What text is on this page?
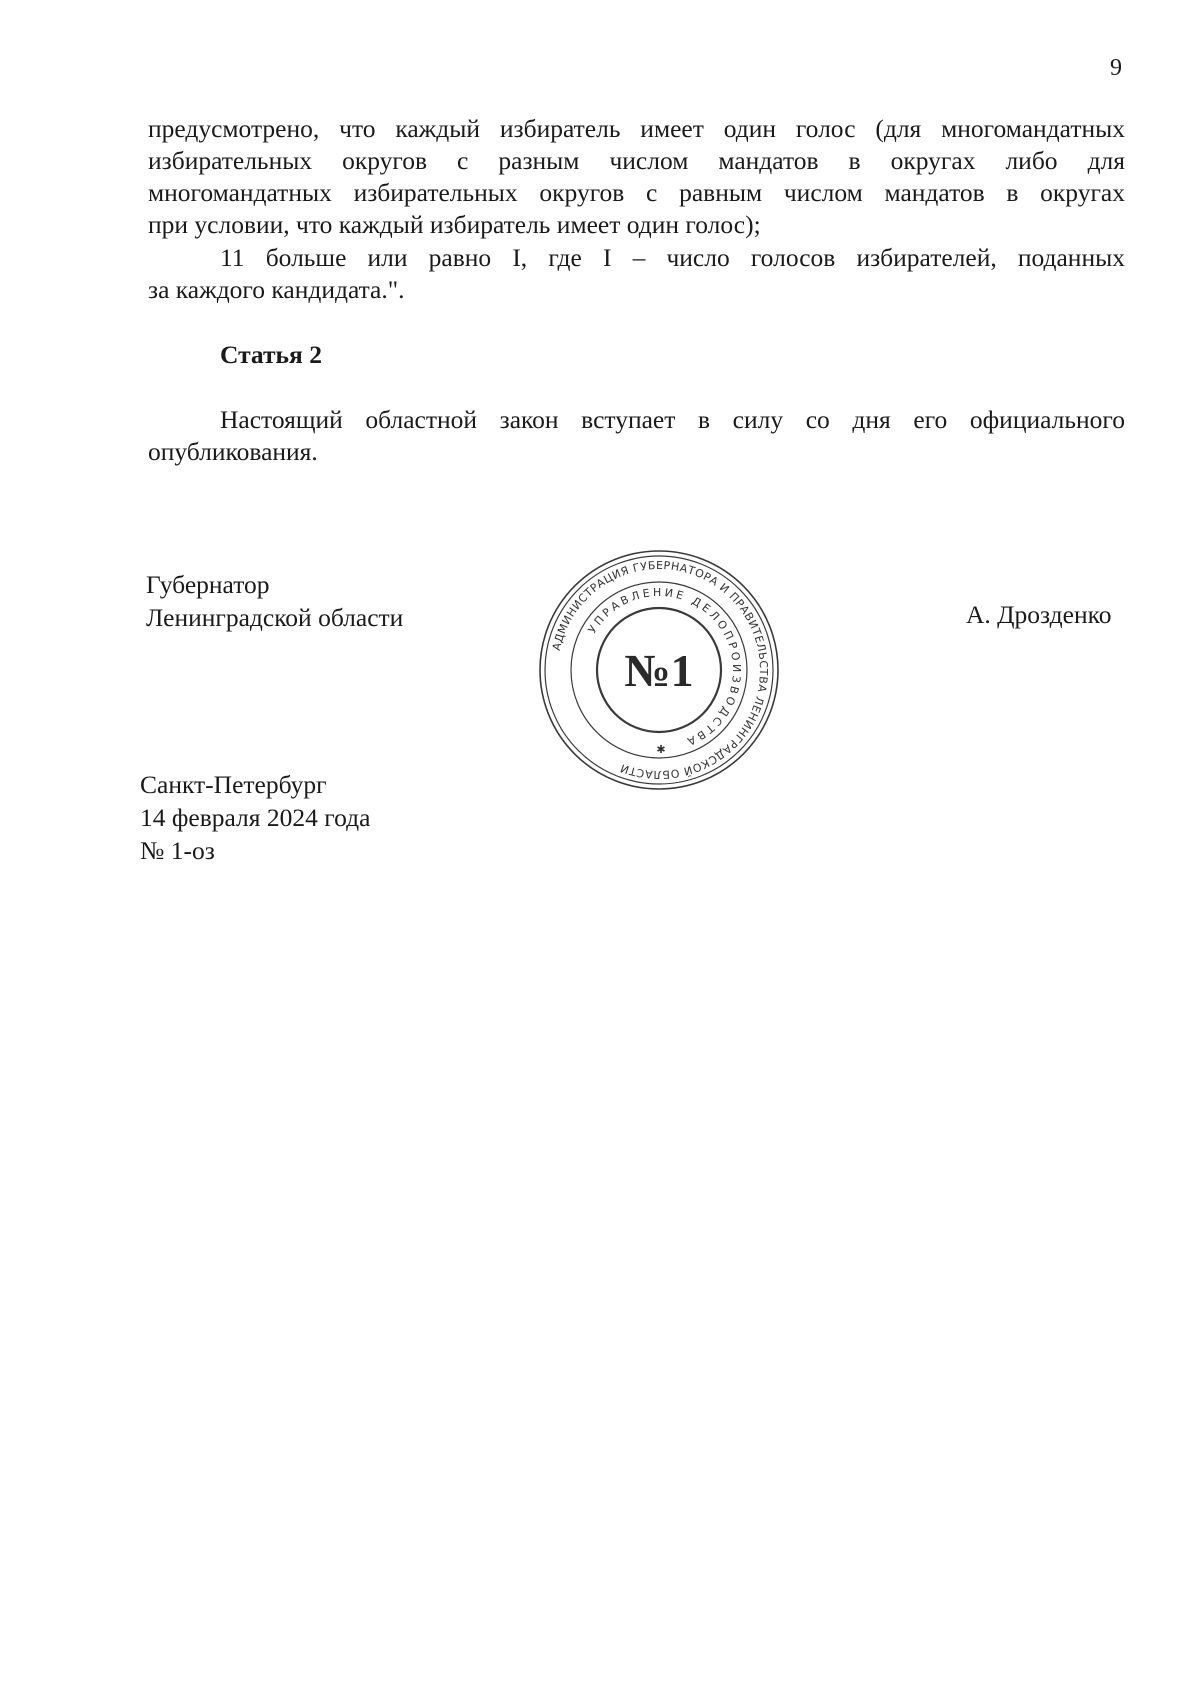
9
предусмотрено, что каждый избиратель имеет один голос (для многомандатных
избирательных округов с разным числом мандатов в округах либо для
многомандатных избирательных округов с равным числом мандатов в округах
при условии, что каждый избиратель имеет один голос);
11 больше или равно I, где I – число голосов избирателей, поданных
за каждого кандидата.".
Статья 2
Настоящий областной закон вступает в силу со дня его официального
опубликования.
Губернатор
Ленинградской области	А. Дрозденко
АДМИНИСТРАЦИЯ ГУБЕРНАТОРА И ПРАВИТЕЛЬСТВА ЛЕНИНГРАДСКОЙ ОБЛАСТИ
УПРАВЛЕНИЕ ДЕЛОПРОИЗВОДСТВА
№1
✱
Санкт-Петербург
14 февраля 2024 года
№ 1-оз
